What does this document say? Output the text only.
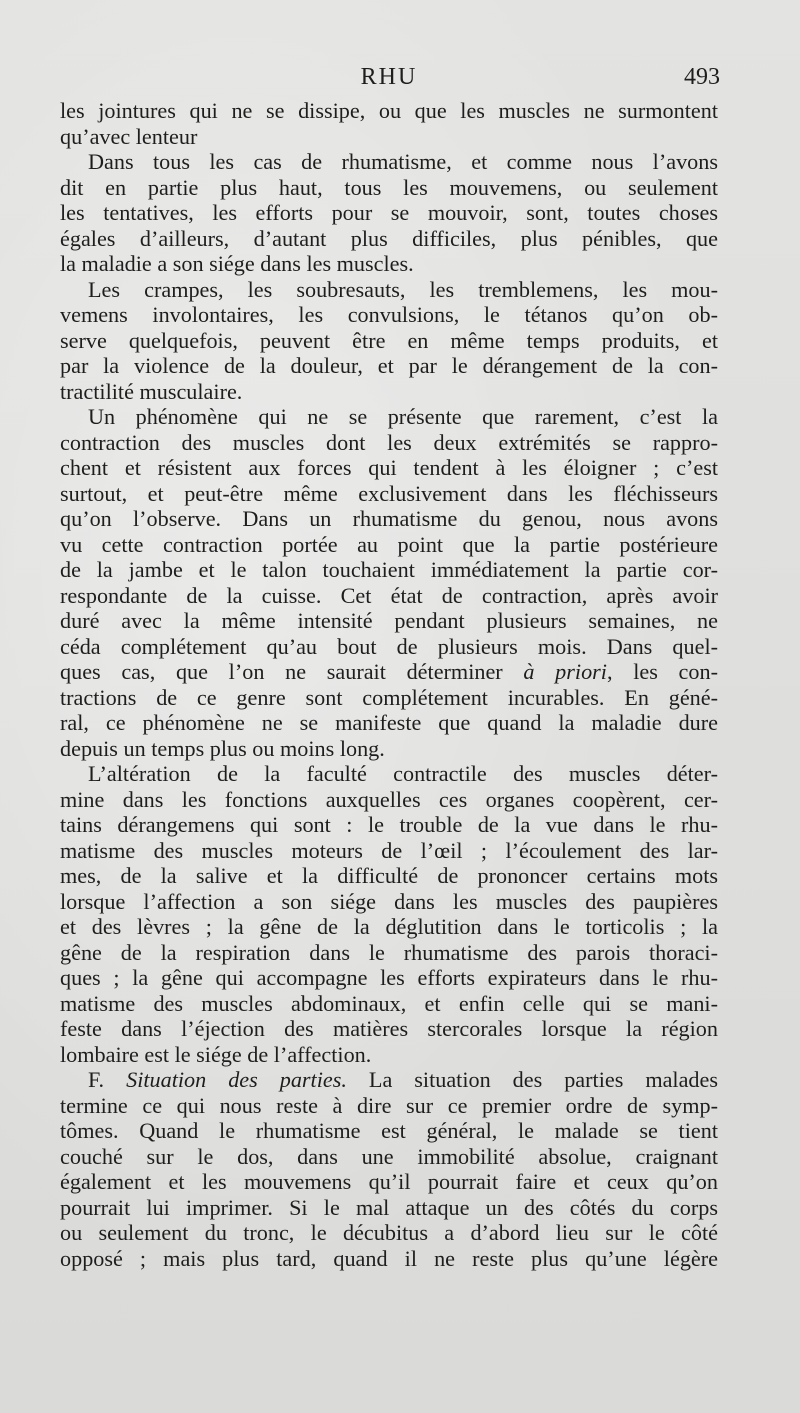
RHU	493
les jointures qui ne se dissipe, ou que les muscles ne surmontent
qu’avec lenteur
Dans tous les cas de rhumatisme, et comme nous l’avons
dit en partie plus haut, tous les mouvemens, ou seulement
les tentatives, les efforts pour se mouvoir, sont, toutes choses
égales d’ailleurs, d’autant plus difficiles, plus pénibles, que
la maladie a son siége dans les muscles.
Les crampes, les soubresauts, les tremblemens, les mou-
vemens involontaires, les convulsions, le tétanos qu’on ob-
serve quelquefois, peuvent être en même temps produits, et
par la violence de la douleur, et par le dérangement de la con-
tractilité musculaire.
Un phénomène qui ne se présente que rarement, c’est la
contraction des muscles dont les deux extrémités se rappro-
chent et résistent aux forces qui tendent à les éloigner ; c’est
surtout, et peut-être même exclusivement dans les fléchisseurs
qu’on l’observe. Dans un rhumatisme du genou, nous avons
vu cette contraction portée au point que la partie postérieure
de la jambe et le talon touchaient immédiatement la partie cor-
respondante de la cuisse. Cet état de contraction, après avoir
duré avec la même intensité pendant plusieurs semaines, ne
céda complétement qu’au bout de plusieurs mois. Dans quel-
ques cas, que l’on ne saurait déterminer à priori, les con-
tractions de ce genre sont complétement incurables. En géné-
ral, ce phénomène ne se manifeste que quand la maladie dure
depuis un temps plus ou moins long.
L’altération de la faculté contractile des muscles déter-
mine dans les fonctions auxquelles ces organes coopèrent, cer-
tains dérangemens qui sont : le trouble de la vue dans le rhu-
matisme des muscles moteurs de l’œil ; l’écoulement des lar-
mes, de la salive et la difficulté de prononcer certains mots
lorsque l’affection a son siége dans les muscles des paupières
et des lèvres ; la gêne de la déglutition dans le torticolis ; la
gêne de la respiration dans le rhumatisme des parois thoraci-
ques ; la gêne qui accompagne les efforts expirateurs dans le rhu-
matisme des muscles abdominaux, et enfin celle qui se mani-
feste dans l’éjection des matières stercorales lorsque la région
lombaire est le siége de l’affection.
F. Situation des parties. La situation des parties malades
termine ce qui nous reste à dire sur ce premier ordre de symp-
tômes. Quand le rhumatisme est général, le malade se tient
couché sur le dos, dans une immobilité absolue, craignant
également et les mouvemens qu’il pourrait faire et ceux qu’on
pourrait lui imprimer. Si le mal attaque un des côtés du corps
ou seulement du tronc, le décubitus a d’abord lieu sur le côté
opposé ; mais plus tard, quand il ne reste plus qu’une légère
